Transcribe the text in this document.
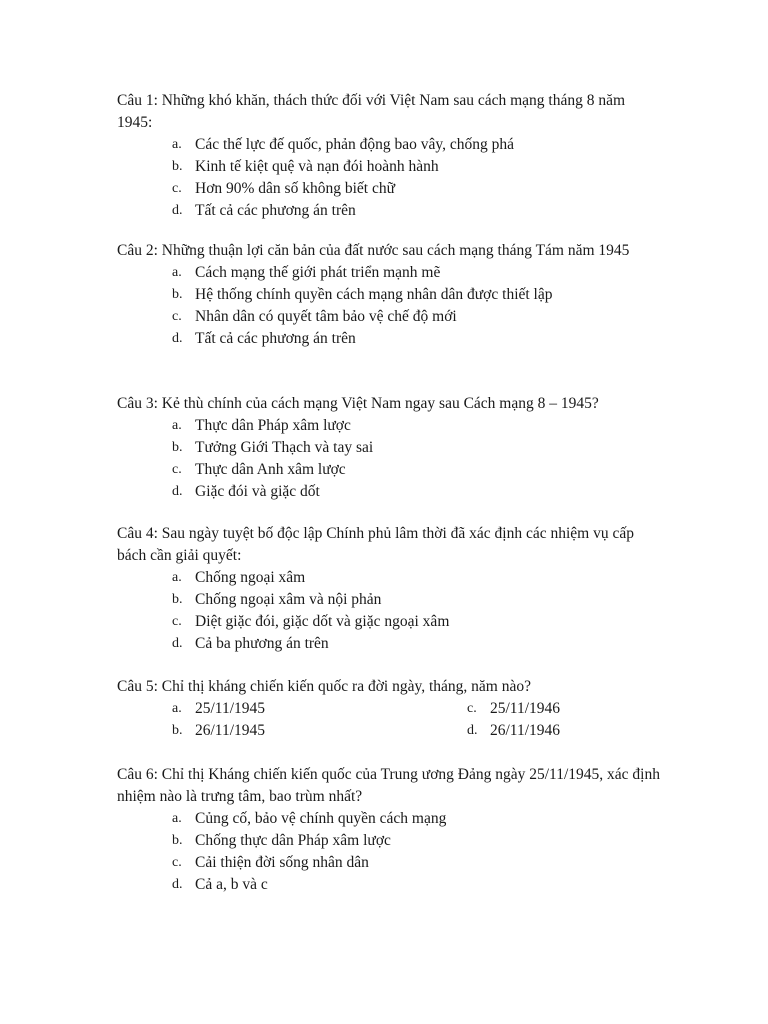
Câu 1: Những khó khăn, thách thức đối với Việt Nam sau cách mạng tháng 8 năm 1945:

a. Các thế lực đế quốc, phản động bao vây, chống phá
b. Kinh tế kiệt quệ và nạn đói hoành hành
c. Hơn 90% dân số không biết chữ
d. Tất cả các phương án trên

Câu 2: Những thuận lợi căn bản của đất nước sau cách mạng tháng Tám năm 1945

a. Cách mạng thế giới phát triển mạnh mẽ
b. Hệ thống chính quyền cách mạng nhân dân được thiết lập
c. Nhân dân có quyết tâm bảo vệ chế độ mới
d. Tất cả các phương án trên

Câu 3: Kẻ thù chính của cách mạng Việt Nam ngay sau Cách mạng 8 – 1945?

a. Thực dân Pháp xâm lược
b. Tưởng Giới Thạch và tay sai
c. Thực dân Anh xâm lược
d. Giặc đói và giặc dốt

Câu 4: Sau ngày tuyệt bố độc lập Chính phủ lâm thời đã xác định các nhiệm vụ cấp bách cần giải quyết:

a. Chống ngoại xâm
b. Chống ngoại xâm và nội phản
c. Diệt giặc đói, giặc dốt và giặc ngoại xâm
d. Cả ba phương án trên

Câu 5: Chỉ thị kháng chiến kiến quốc ra đời ngày, tháng, năm nào?

a. 25/11/1945
b. 26/11/1945
c. 25/11/1946
d. 26/11/1946

Câu 6: Chỉ thị Kháng chiến kiến quốc của Trung ương Đảng ngày 25/11/1945, xác định nhiệm nào là trưng tâm, bao trùm nhất?

a. Củng cố, bảo vệ chính quyền cách mạng
b. Chống thực dân Pháp xâm lược
c. Cải thiện đời sống nhân dân
d. Cả a, b và c
